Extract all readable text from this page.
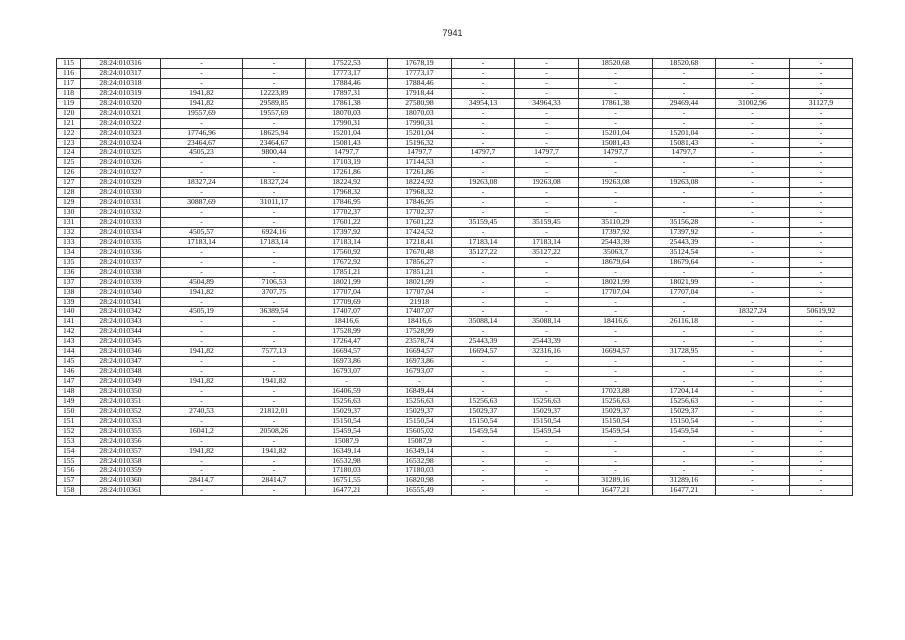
7941
115	28:24:010316	-	-	17522,53	17678,19	-	-	18520,68	18520,68	-	-
116	28:24:010317	-	-	17773,17	17773,17	-	-	-	-	-	-
117	28:24:010318	-	-	17884,46	17884,46	-	-	-	-	-	-
118	28:24:010319	1941,82	12223,89	17897,31	17918,44	-	-	-	-	-	-
119	28:24:010320	1941,82	29589,85	17861,38	27580,98	34954,13	34964,33	17861,38	29469,44	31002,96	31127,9
120	28:24:010321	19557,69	19557,69	18070,03	18070,03	-	-	-	-	-	-
121	28:24:010322	-	-	17990,31	17990,31	-	-	-	-	-	-
122	28:24:010323	17746,96	18625,94	15201,04	15201,04	-	-	15201,04	15201,04	-	-
123	28:24:010324	23464,67	23464,67	15081,43	15196,32	-	-	15081,43	15081,43	-	-
124	28:24:010325	4505,23	9800,44	14797,7	14797,7	14797,7	14797,7	14797,7	14797,7	-	-
125	28:24:010326	-	-	17103,19	17144,53	-	-	-	-	-	-
126	28:24:010327	-	-	17261,86	17261,86	-	-	-	-	-	-
127	28:24:010329	18327,24	18327,24	18224,92	18224,92	19263,08	19263,08	19263,08	19263,08	-	-
128	28:24:010330	-	-	17968,32	17968,32	-	-	-	-	-	-
129	28:24:010331	30887,69	31011,17	17846,95	17846,95	-	-	-	-	-	-
130	28:24:010332	-	-	17702,37	17702,37	-	-	-	-	-	-
131	28:24:010333	-	-	17601,22	17601,22	35159,45	35159,45	35110,29	35156,28	-	-
132	28:24:010334	4505,57	6924,16	17397,92	17424,52	-	-	17397,92	17397,92	-	-
133	28:24:010335	17183,14	17183,14	17183,14	17218,41	17183,14	17183,14	25443,39	25443,39	-	-
134	28:24:010336	-	-	17560,92	17670,48	35127,22	35127,22	35063,7	35124,54	-	-
135	28:24:010337	-	-	17672,92	17856,27	-	-	18679,64	18679,64	-	-
136	28:24:010338	-	-	17851,21	17851,21	-	-	-	-	-	-
137	28:24:010339	4504,89	7106,53	18021,99	18021,99	-	-	18021,99	18021,99	-	-
138	28:24:010340	1941,82	3707,75	17707,04	17707,04	-	-	17707,04	17707,04	-	-
139	28:24:010341	-	-	17709,69	21918	-	-	-	-	-	-
140	28:24:010342	4505,19	36389,54	17407,07	17407,07	-	-	-	-	18327,24	50619,92
141	28:24:010343	-	-	18416,6	18416,6	35088,14	35088,14	18416,6	26116,18	-	-
142	28:24:010344	-	-	17528,99	17528,99	-	-	-	-	-	-
143	28:24:010345	-	-	17264,47	23578,74	25443,39	25443,39	-	-	-	-
144	28:24:010346	1941,82	7577,13	16694,57	16694,57	16694,57	32316,16	16694,57	31728,95	-	-
145	28:24:010347	-	-	16973,86	16973,86	-	-	-	-	-	-
146	28:24:010348	-	-	16793,07	16793,07	-	-	-	-	-	-
147	28:24:010349	1941,82	1941,82	-	-	-	-	-	-	-	-
148	28:24:010350	-	-	16406,59	16849,44	-	-	17023,88	17204,14	-	-
149	28:24:010351	-	-	15256,63	15256,63	15256,63	15256,63	15256,63	15256,63	-	-
150	28:24:010352	2740,53	21812,01	15029,37	15029,37	15029,37	15029,37	15029,37	15029,37	-	-
151	28:24:010353	-	-	15150,54	15150,54	15150,54	15150,54	15150,54	15150,54	-	-
152	28:24:010355	16041,2	20508,26	15459,54	15605,02	15459,54	15459,54	15459,54	15459,54	-	-
153	28:24:010356	-	-	15087,9	15087,9	-	-	-	-	-	-
154	28:24:010357	1941,82	1941,82	16349,14	16349,14	-	-	-	-	-	-
155	28:24:010358	-	-	16532,98	16532,98	-	-	-	-	-	-
156	28:24:010359	-	-	17180,03	17180,03	-	-	-	-	-	-
157	28:24:010360	28414,7	28414,7	16751,55	16820,98	-	-	31289,16	31289,16	-	-
158	28:24:010361	-	-	16477,21	16555,49	-	-	16477,21	16477,21	-	-
